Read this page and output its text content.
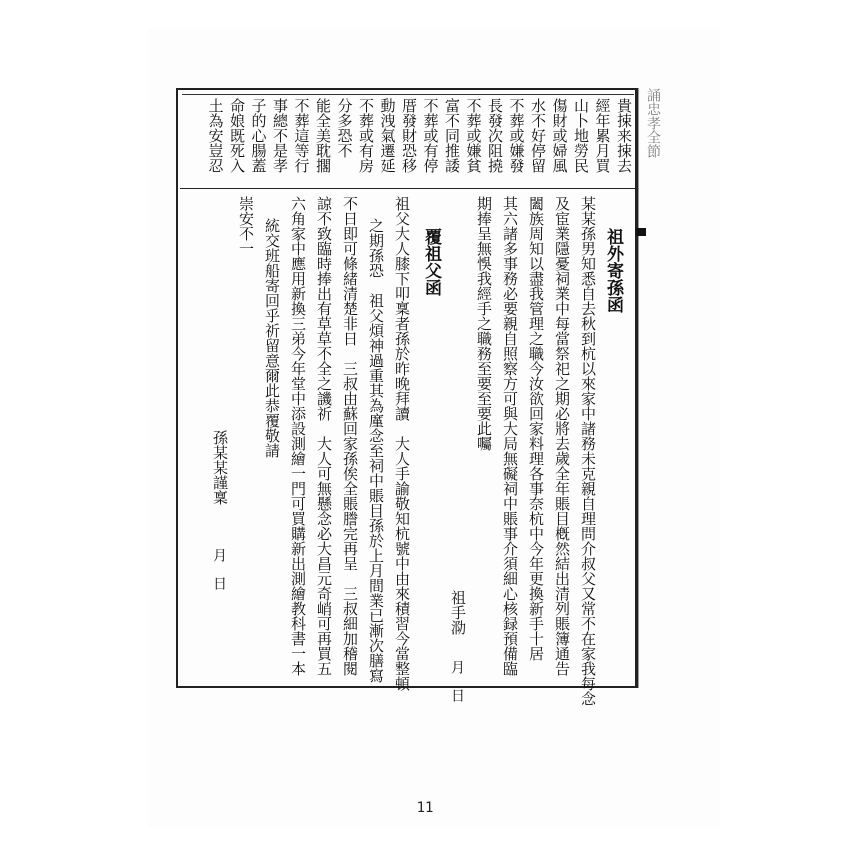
誦忠孝全節
11
貴捒来捒去
經年累月買
山卜地勞民
傷財或婦風
水不好停留
不葬或嫌發
長發次阻撓
不葬或嫌貧
富不同推諉
不葬或有停
厝發財恐移
動洩氣遷延
不葬或有房
分多恐不
能全美耽擱
不葬這等行
事總不是孝
子的心腸蓋
命娘既死入
土為安豈忍
祖外寄孫函
某某孫男知悉自去秋到杭以來家中諸務未克親自理問介叔父又常不在家我每念
及宦業隱憂祠業中每當祭祀之期必將去歲全年賬目槪然結出清列賬簿通告
闔族周知以盡我管理之職今汝欲回家料理各事奈杭中今年更換新手十居
其六諸多事務必要親自照察方可與大局無礙祠中賬事介須細心核録預備臨
期捧呈無悞我經手之職務至要至要此囑
祖手泐
月　日
覆祖父函
祖父大人膝下叩稟者孫於昨晚拜讀　大人手諭敬知杭號中由來積習今當整頓
之期孫恐　祖父煩神過重其為廑念至祠中賬目孫於上月間業已漸次膳寫
不日即可條緒清楚非日　三叔由蘇回家孫俟全賬謄完再呈　三叔細加稽閱
諒不致臨時捧出有草草不全之譏祈　大人可無懸念必大昌元奇峭可再買五
六角家中應用新換三弟今年堂中添設測繪一門可買購新出測繪教科書一本
統交班船寄回乎祈留意爾此恭覆敬請
崇安不一
孫某某謹稟
月　日
